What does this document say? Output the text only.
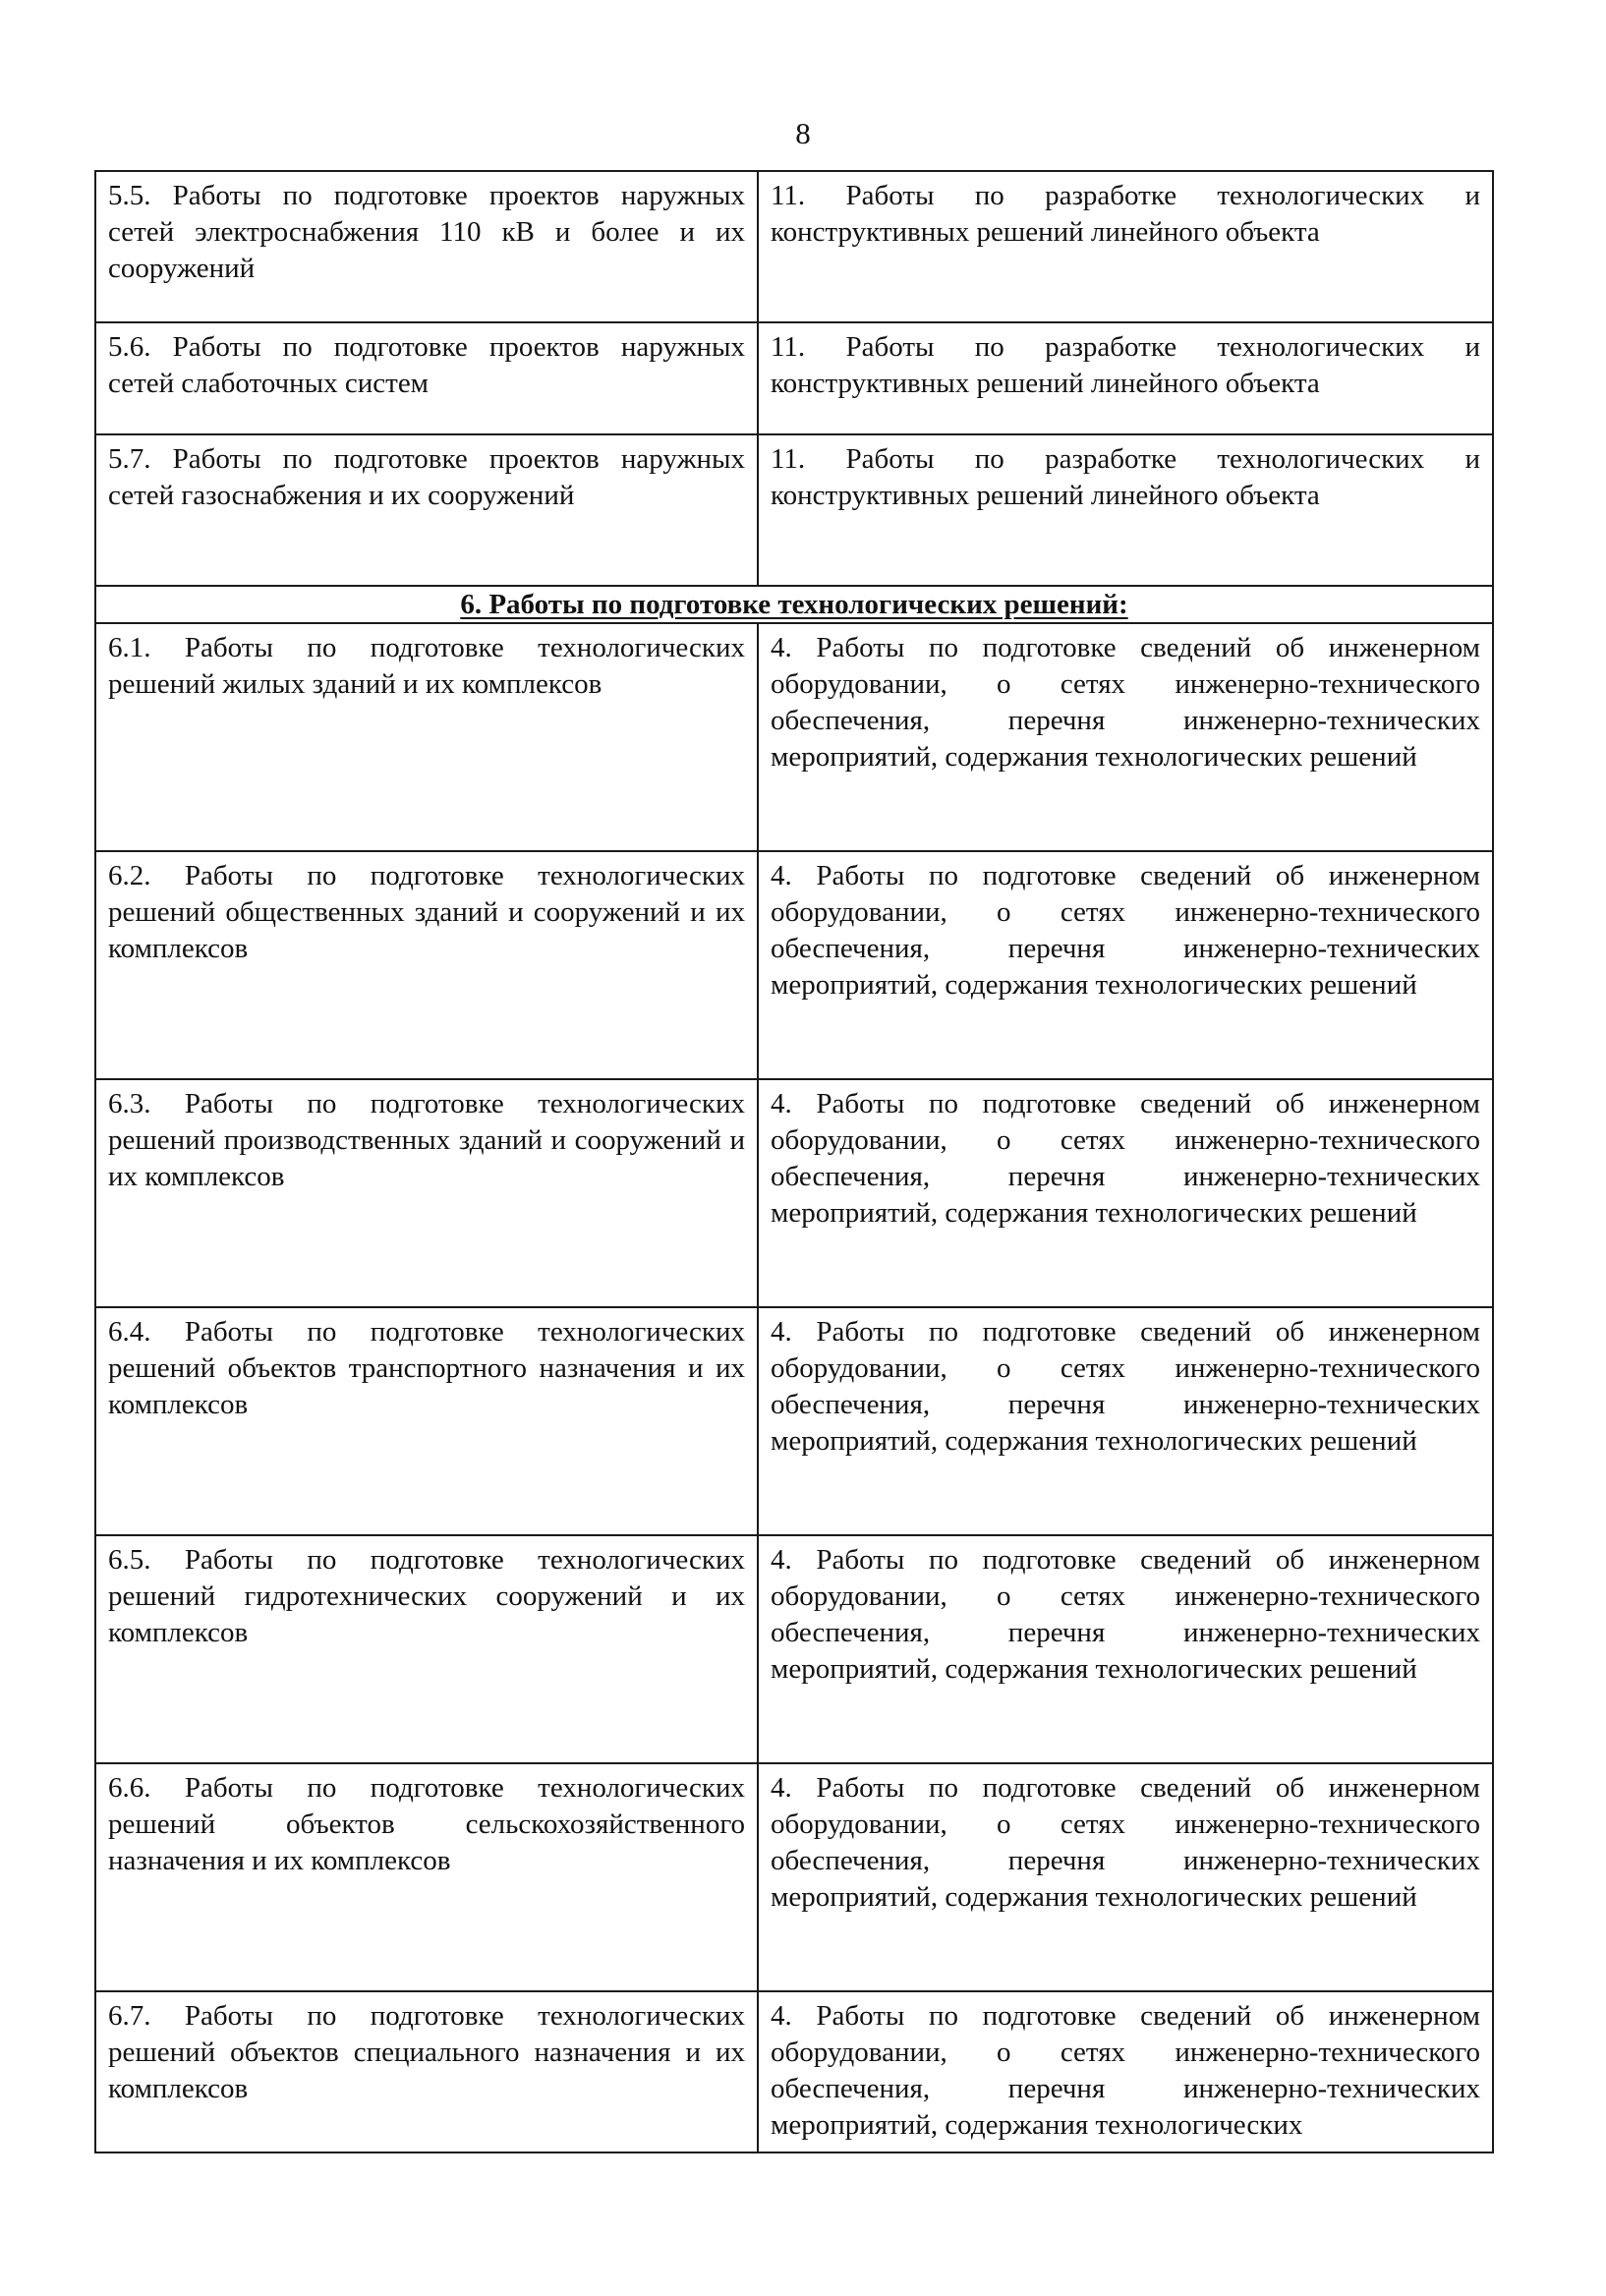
8
5.5. Работы по подготовке проектов наружных сетей электроснабжения 110 кВ и более и их сооружений	11. Работы по разработке технологических и конструктивных решений линейного объекта
5.6. Работы по подготовке проектов наружных сетей слаботочных систем	11. Работы по разработке технологических и конструктивных решений линейного объекта
5.7. Работы по подготовке проектов наружных сетей газоснабжения и их сооружений	11. Работы по разработке технологических и конструктивных решений линейного объекта
6. Работы по подготовке технологических решений:	
6.1. Работы по подготовке технологических решений жилых зданий и их комплексов	4. Работы по подготовке сведений об инженерном оборудовании, о сетях инженерно-технического обеспечения, перечня инженерно-технических мероприятий, содержания технологических решений
6.2. Работы по подготовке технологических решений общественных зданий и сооружений и их комплексов	4. Работы по подготовке сведений об инженерном оборудовании, о сетях инженерно-технического обеспечения, перечня инженерно-технических мероприятий, содержания технологических решений
6.3. Работы по подготовке технологических решений производственных зданий и сооружений и их комплексов	4. Работы по подготовке сведений об инженерном оборудовании, о сетях инженерно-технического обеспечения, перечня инженерно-технических мероприятий, содержания технологических решений
6.4. Работы по подготовке технологических решений объектов транспортного назначения и их комплексов	4. Работы по подготовке сведений об инженерном оборудовании, о сетях инженерно-технического обеспечения, перечня инженерно-технических мероприятий, содержания технологических решений
6.5. Работы по подготовке технологических решений гидротехнических сооружений и их комплексов	4. Работы по подготовке сведений об инженерном оборудовании, о сетях инженерно-технического обеспечения, перечня инженерно-технических мероприятий, содержания технологических решений
6.6. Работы по подготовке технологических решений объектов сельскохозяйственного назначения и их комплексов	4. Работы по подготовке сведений об инженерном оборудовании, о сетях инженерно-технического обеспечения, перечня инженерно-технических мероприятий, содержания технологических решений
6.7. Работы по подготовке технологических решений объектов специального назначения и их комплексов	4. Работы по подготовке сведений об инженерном оборудовании, о сетях инженерно-технического обеспечения, перечня инженерно-технических мероприятий, содержания технологических
